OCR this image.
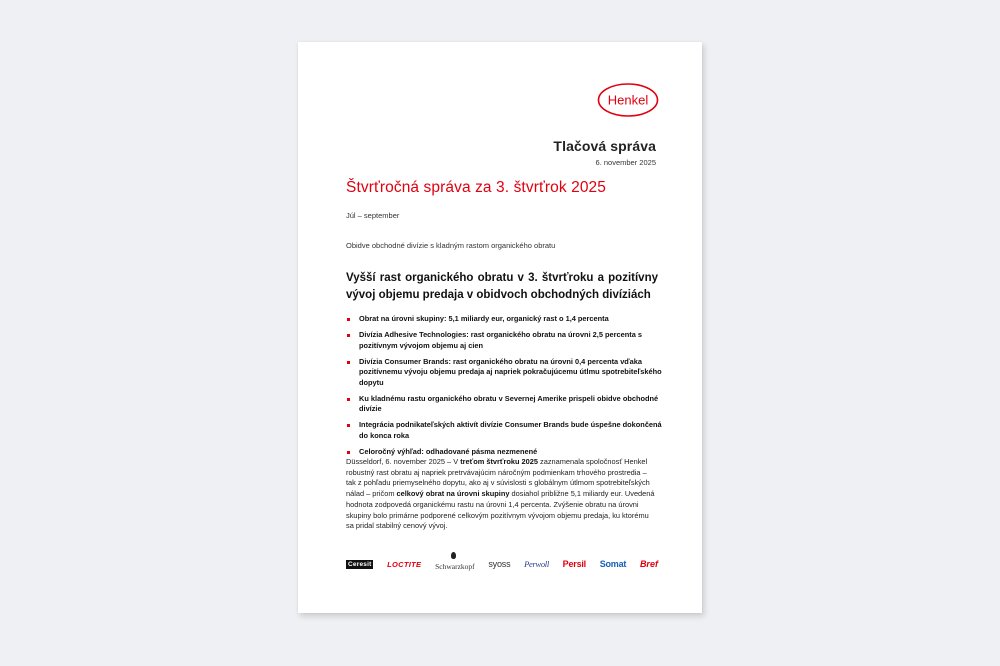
Henkel
Tlačová správa
6. november 2025
Štvrťročná správa za 3. štvrťrok 2025
Júl – september
Obidve obchodné divízie s kladným rastom organického obratu
Vyšší rast organického obratu v 3. štvrťroku a pozitívny vývoj objemu predaja v obidvoch obchodných divíziách
Obrat na úrovni skupiny: 5,1 miliardy eur, organický rast o 1,4 percenta
Divízia Adhesive Technologies: rast organického obratu na úrovni 2,5 percenta s pozitívnym vývojom objemu aj cien
Divízia Consumer Brands: rast organického obratu na úrovni 0,4 percenta vďaka pozitívnemu vývoju objemu predaja aj napriek pokračujúcemu útlmu spotrebiteľského dopytu
Ku kladnému rastu organického obratu v Severnej Amerike prispeli obidve obchodné divízie
Integrácia podnikateľských aktivít divízie Consumer Brands bude úspešne dokončená do konca roka
Celoročný výhľad: odhadované pásma nezmenené

Düsseldorf, 6. november 2025 – V treťom štvrťroku 2025 zaznamenala spoločnosť Henkel robustný rast obratu aj napriek pretrvávajúcim náročným podmienkam trhového prostredia – tak z pohľadu priemyselného dopytu, ako aj v súvislosti s globálnym útlmom spotrebiteľských nálad – pričom celkový obrat na úrovni skupiny dosiahol približne 5,1 miliardy eur. Uvedená hodnota zodpovedá organickému rastu na úrovni 1,4 percenta. Zvýšenie obratu na úrovni skupiny bolo primárne podporené celkovým pozitívnym vývojom objemu predaja, ku ktorému sa pridal stabilný cenový vývoj.

Ceresit LOCTITE Schwarzkopf syoss Perwoll Persil Somat Bref
